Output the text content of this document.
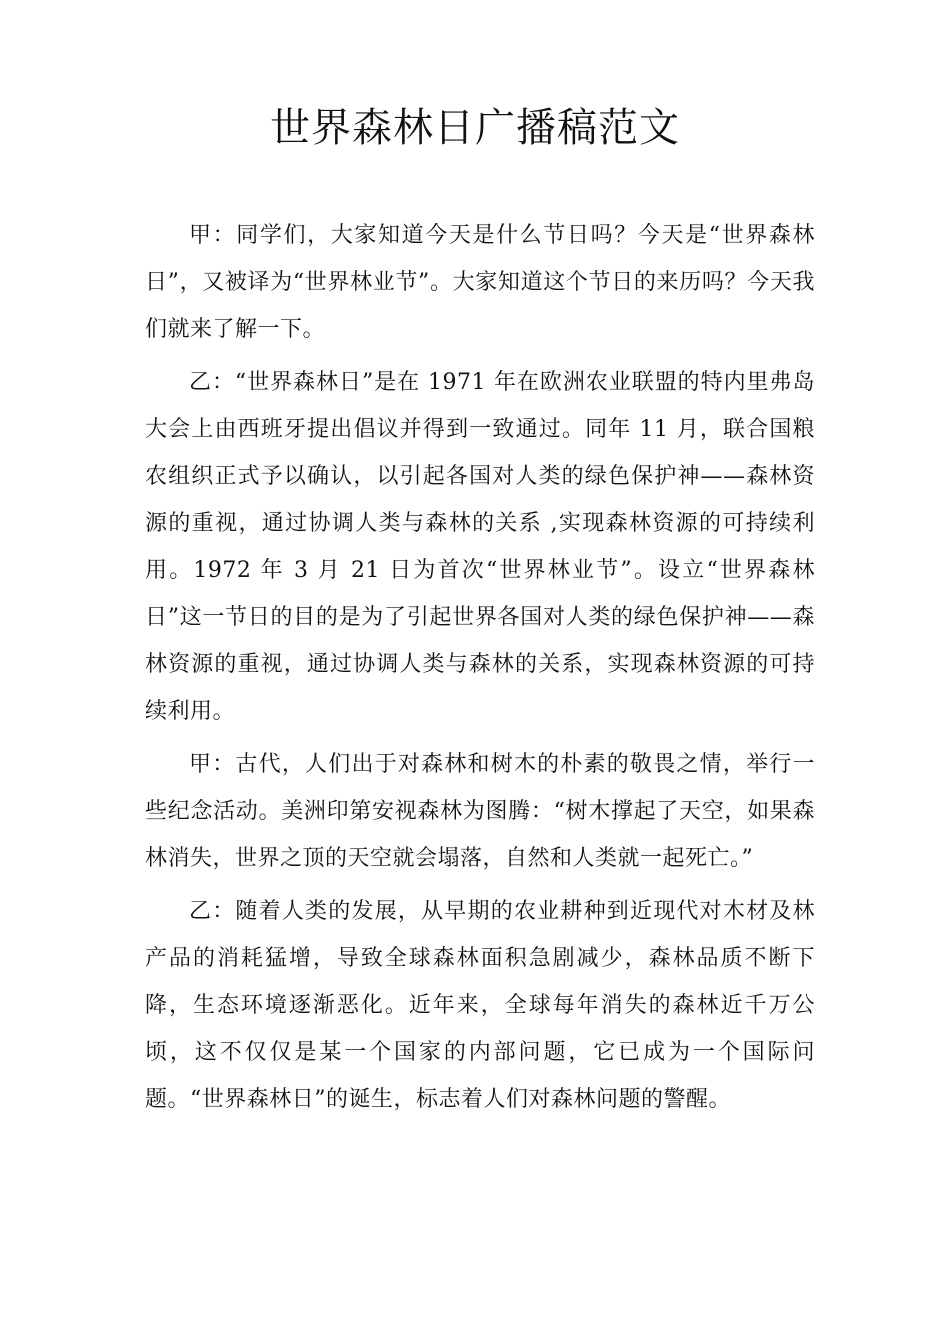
世界森林日广播稿范文

甲：同学们，大家知道今天是什么节日吗？今天是“世界森林日”，又被译为“世界林业节”。大家知道这个节日的来历吗？今天我们就来了解一下。

乙：“世界森林日”是在 1971 年在欧洲农业联盟的特内里弗岛大会上由西班牙提出倡议并得到一致通过。同年 11 月，联合国粮农组织正式予以确认，以引起各国对人类的绿色保护神——森林资源的重视，通过协调人类与森林的关系 ,实现森林资源的可持续利用。1972 年 3 月 21 日为首次“世界林业节”。设立“世界森林日”这一节日的目的是为了引起世界各国对人类的绿色保护神——森林资源的重视，通过协调人类与森林的关系，实现森林资源的可持续利用。

甲：古代，人们出于对森林和树木的朴素的敬畏之情，举行一些纪念活动。美洲印第安视森林为图腾：“树木撑起了天空，如果森林消失，世界之顶的天空就会塌落，自然和人类就一起死亡。”

乙：随着人类的发展，从早期的农业耕种到近现代对木材及林产品的消耗猛增，导致全球森林面积急剧减少，森林品质不断下降，生态环境逐渐恶化。近年来，全球每年消失的森林近千万公顷，这不仅仅是某一个国家的内部问题，它已成为一个国际问题。“世界森林日”的诞生，标志着人们对森林问题的警醒。
